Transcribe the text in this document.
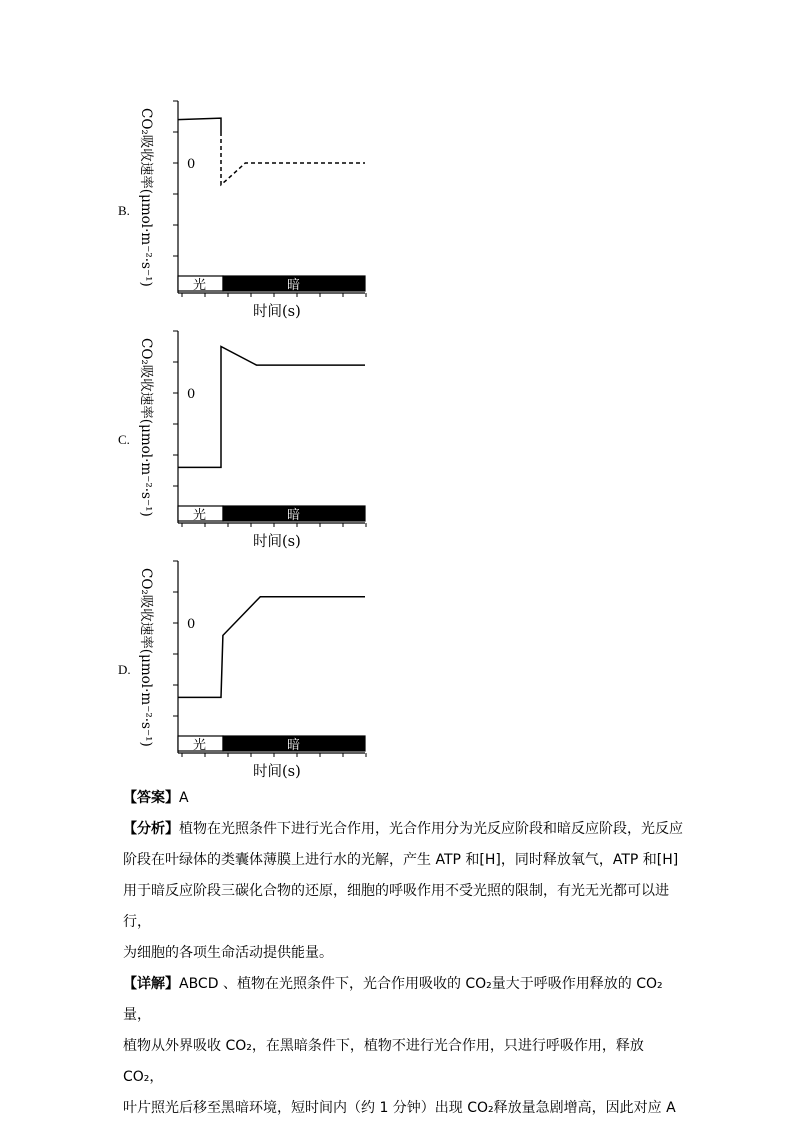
B. CO₂吸收速率(μmol·m⁻²·s⁻¹)	0
光	暗
时间(s)
C. CO₂吸收速率(μmol·m⁻²·s⁻¹)	0
光	暗
时间(s)
D. CO₂吸收速率(μmol·m⁻²·s⁻¹)	0
光	暗
时间(s)

【答案】A

【分析】植物在光照条件下进行光合作用，光合作用分为光反应阶段和暗反应阶段，光反应

阶段在叶绿体的类囊体薄膜上进行水的光解，产生 ATP 和[H]，同时释放氧气，ATP 和[H]

用于暗反应阶段三碳化合物的还原，细胞的呼吸作用不受光照的限制，有光无光都可以进行，

为细胞的各项生命活动提供能量。

【详解】ABCD 、植物在光照条件下，光合作用吸收的 CO₂量大于呼吸作用释放的 CO₂量，

植物从外界吸收 CO₂，在黑暗条件下，植物不进行光合作用，只进行呼吸作用，释放 CO₂，

叶片照光后移至黑暗环境，短时间内（约 1 分钟）出现 CO₂释放量急剧增高，因此对应 A
